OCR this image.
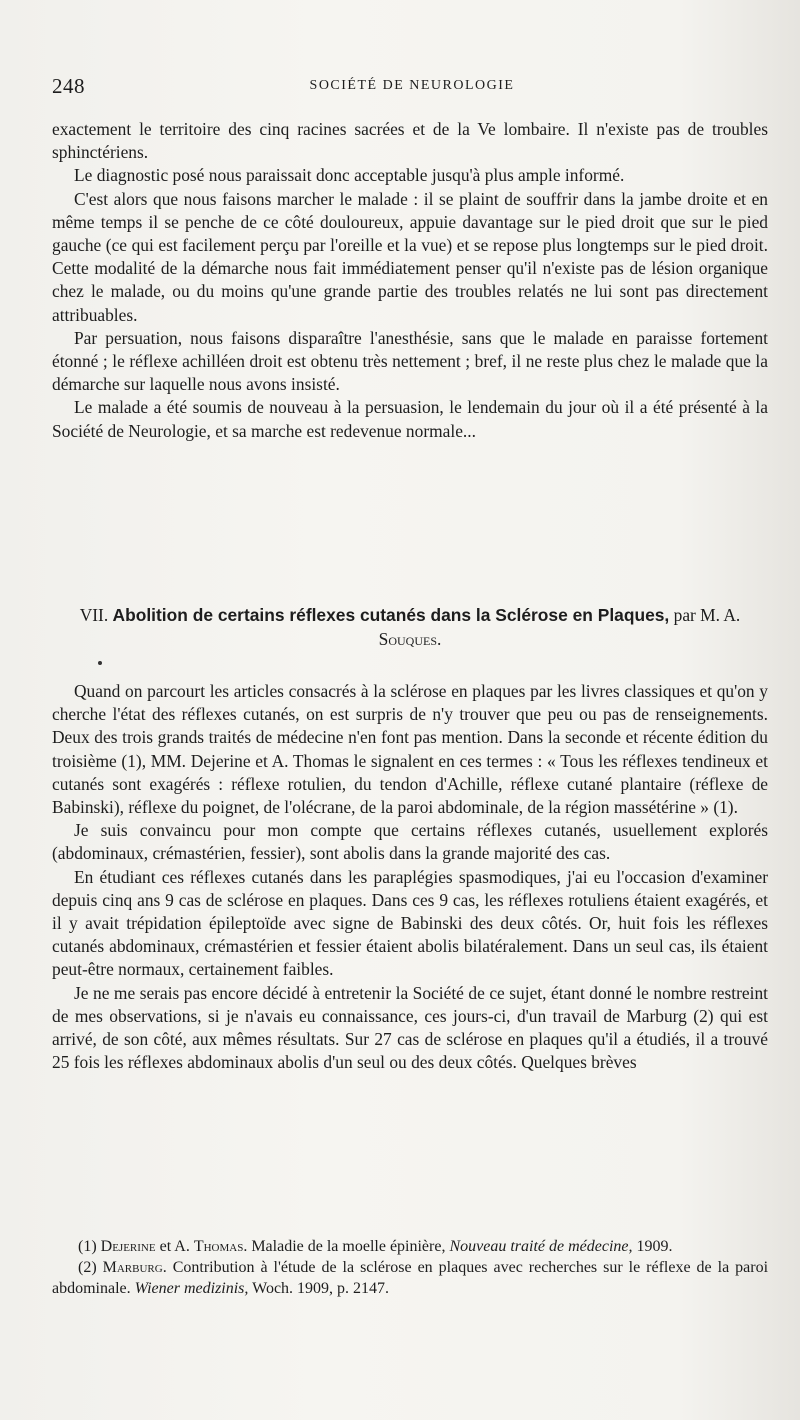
248	SOCIÉTÉ DE NEUROLOGIE

exactement le territoire des cinq racines sacrées et de la Ve lombaire. Il n'existe pas de troubles sphinctériens.

Le diagnostic posé nous paraissait donc acceptable jusqu'à plus ample informé.

C'est alors que nous faisons marcher le malade : il se plaint de souffrir dans la jambe droite et en même temps il se penche de ce côté douloureux, appuie davantage sur le pied droit que sur le pied gauche (ce qui est facilement perçu par l'oreille et la vue) et se repose plus longtemps sur le pied droit. Cette modalité de la démarche nous fait immédiatement penser qu'il n'existe pas de lésion organique chez le malade, ou du moins qu'une grande partie des troubles relatés ne lui sont pas directement attribuables.

Par persuation, nous faisons disparaître l'anesthésie, sans que le malade en paraisse fortement étonné ; le réflexe achilléen droit est obtenu très nettement ; bref, il ne reste plus chez le malade que la démarche sur laquelle nous avons insisté.

Le malade a été soumis de nouveau à la persuasion, le lendemain du jour où il a été présenté à la Société de Neurologie, et sa marche est redevenue normale...

VII. Abolition de certains réflexes cutanés dans la Sclérose en Plaques, par M. A. Souques.

Quand on parcourt les articles consacrés à la sclérose en plaques par les livres classiques et qu'on y cherche l'état des réflexes cutanés, on est surpris de n'y trouver que peu ou pas de renseignements. Deux des trois grands traités de médecine n'en font pas mention. Dans la seconde et récente édition du troisième (1), MM. Dejerine et A. Thomas le signalent en ces termes : « Tous les réflexes tendineux et cutanés sont exagérés : réflexe rotulien, du tendon d'Achille, réflexe cutané plantaire (réflexe de Babinski), réflexe du poignet, de l'olécrane, de la paroi abdominale, de la région massétérine » (1).

Je suis convaincu pour mon compte que certains réflexes cutanés, usuellement explorés (abdominaux, crémastérien, fessier), sont abolis dans la grande majorité des cas.

En étudiant ces réflexes cutanés dans les paraplégies spasmodiques, j'ai eu l'occasion d'examiner depuis cinq ans 9 cas de sclérose en plaques. Dans ces 9 cas, les réflexes rotuliens étaient exagérés, et il y avait trépidation épileptoïde avec signe de Babinski des deux côtés. Or, huit fois les réflexes cutanés abdominaux, crémastérien et fessier étaient abolis bilatéralement. Dans un seul cas, ils étaient peut-être normaux, certainement faibles.

Je ne me serais pas encore décidé à entretenir la Société de ce sujet, étant donné le nombre restreint de mes observations, si je n'avais eu connaissance, ces jours-ci, d'un travail de Marburg (2) qui est arrivé, de son côté, aux mêmes résultats. Sur 27 cas de sclérose en plaques qu'il a étudiés, il a trouvé 25 fois les réflexes abdominaux abolis d'un seul ou des deux côtés. Quelques brèves

(1) Dejerine et A. Thomas. Maladie de la moelle épinière, Nouveau traité de médecine, 1909.

(2) Marburg. Contribution à l'étude de la sclérose en plaques avec recherches sur le réflexe de la paroi abdominale. Wiener medizinis, Woch. 1909, p. 2147.
